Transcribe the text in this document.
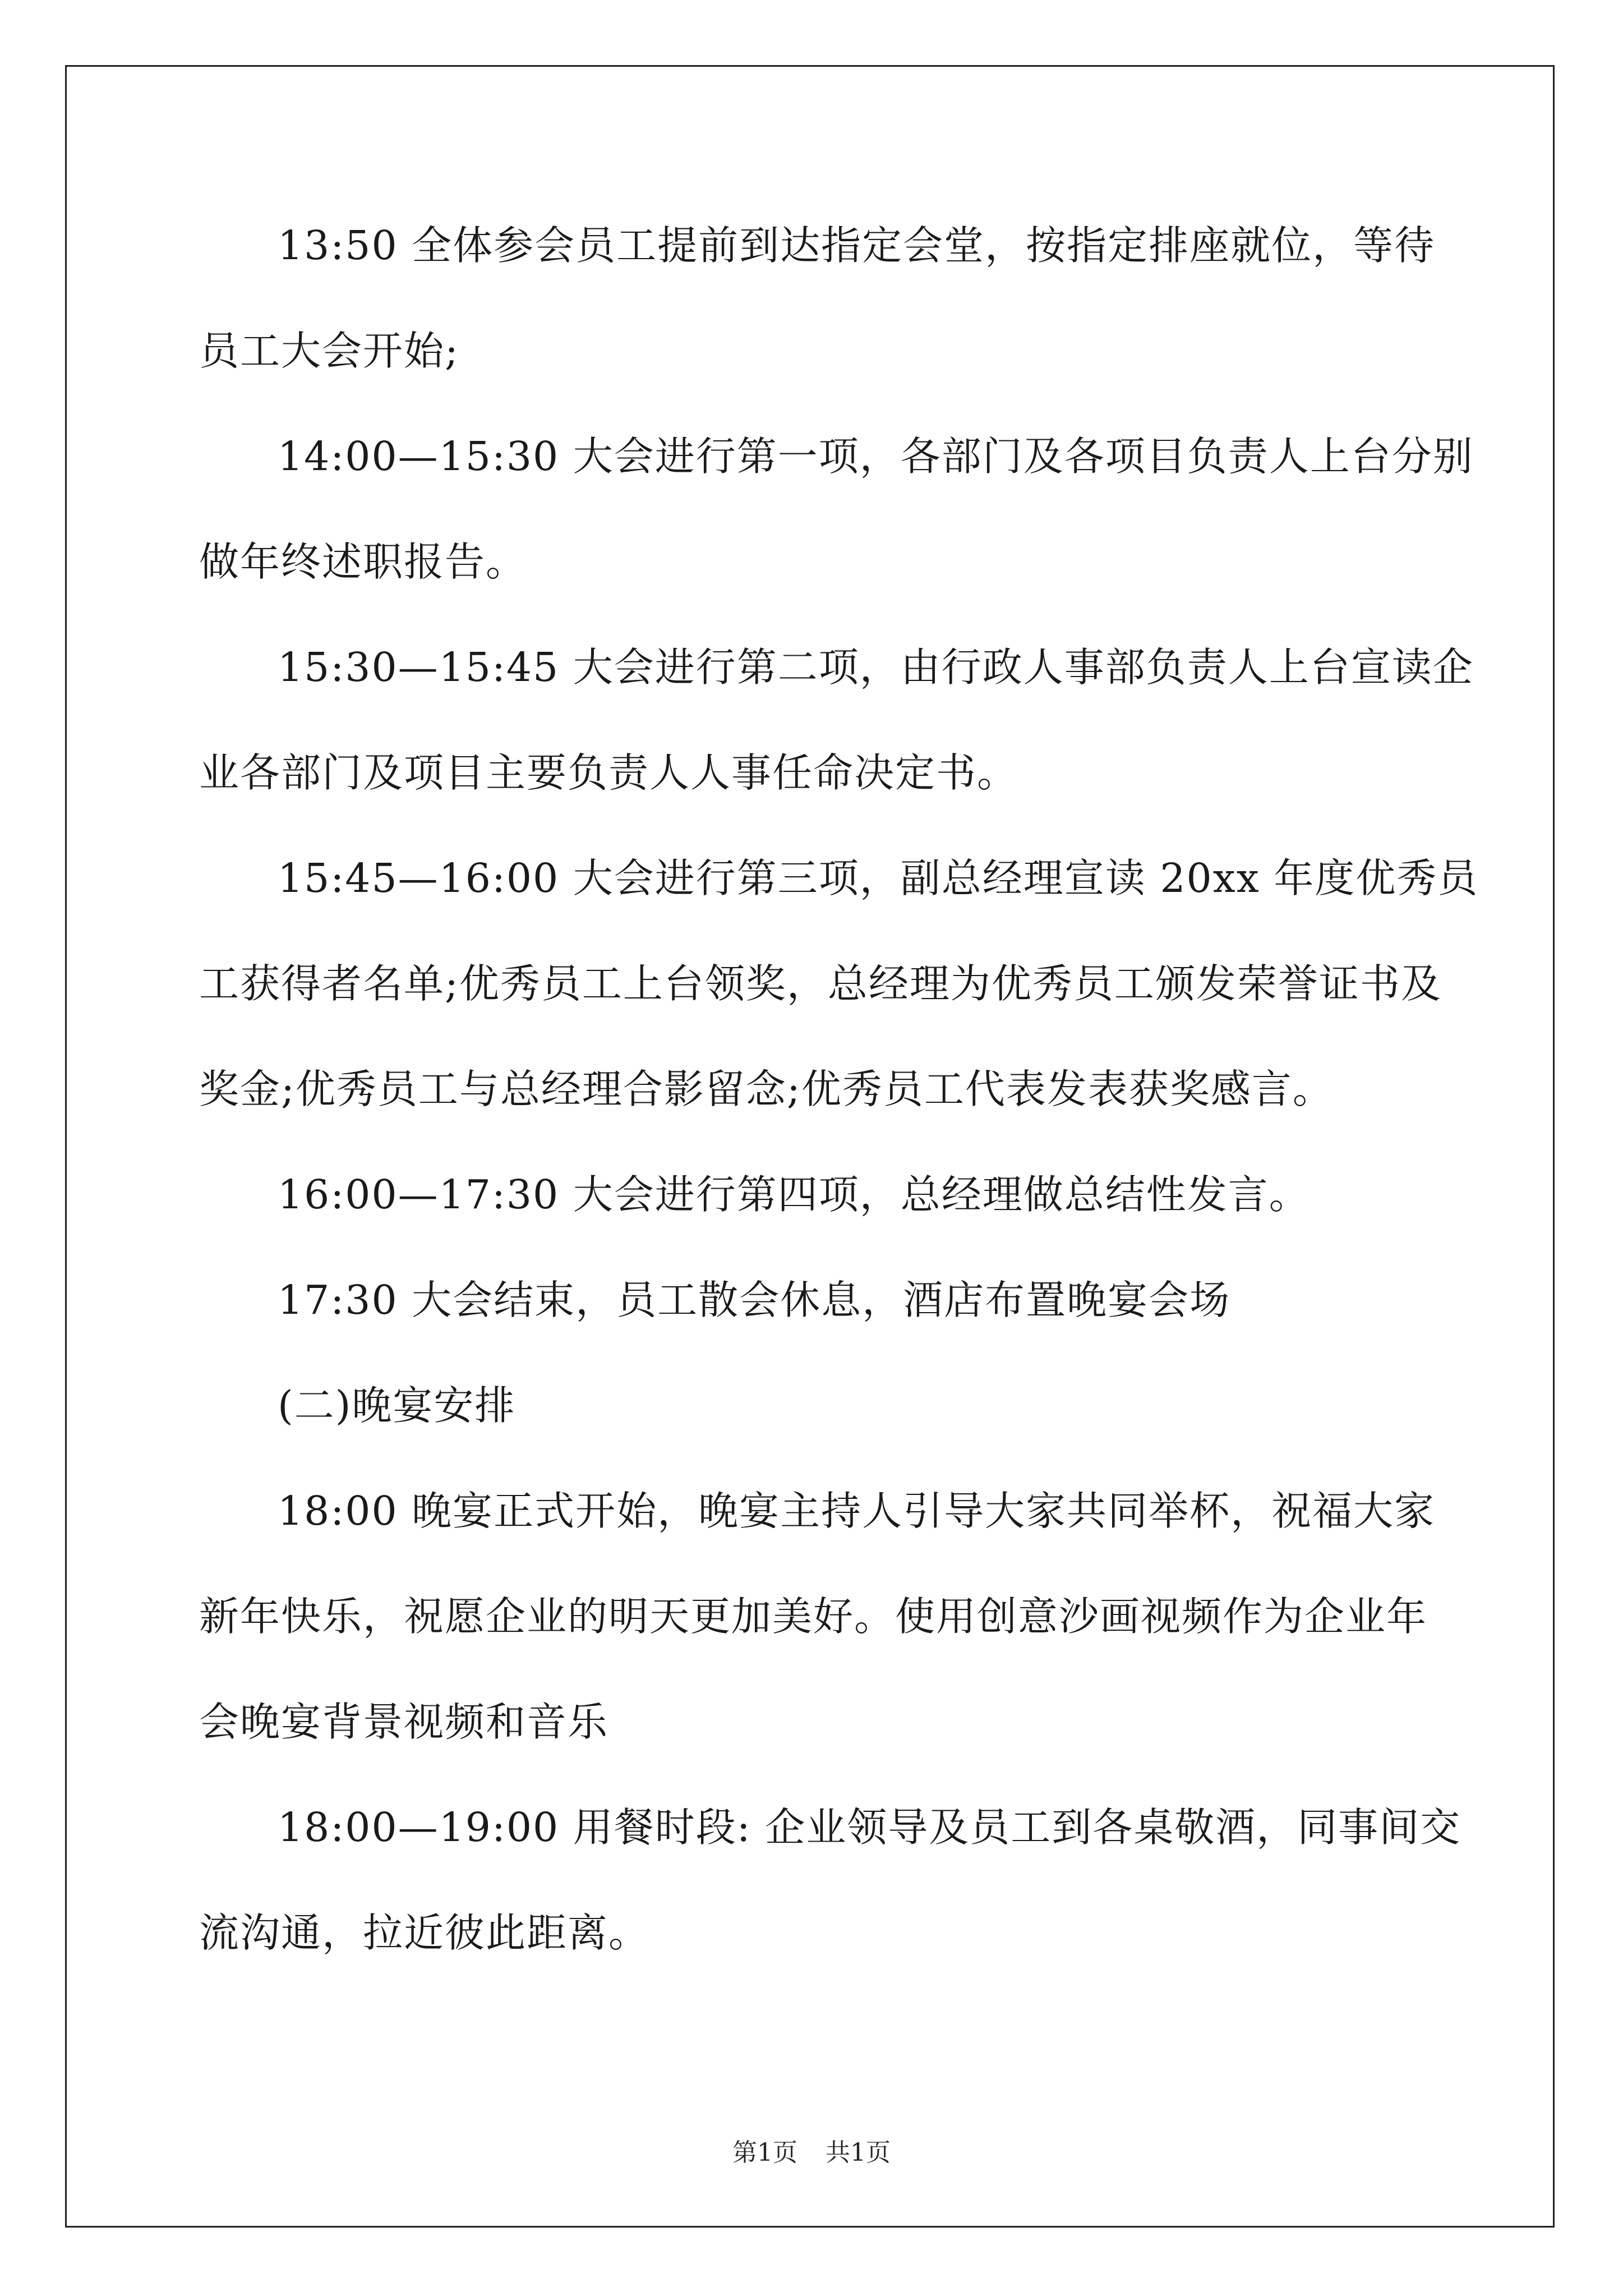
13:50 全体参会员工提前到达指定会堂，按指定排座就位，等待
员工大会开始;
14:00—15:30 大会进行第一项，各部门及各项目负责人上台分别
做年终述职报告。
15:30—15:45 大会进行第二项，由行政人事部负责人上台宣读企
业各部门及项目主要负责人人事任命决定书。
15:45—16:00 大会进行第三项，副总经理宣读 20xx 年度优秀员
工获得者名单;优秀员工上台领奖，总经理为优秀员工颁发荣誉证书及
奖金;优秀员工与总经理合影留念;优秀员工代表发表获奖感言。
16:00—17:30 大会进行第四项，总经理做总结性发言。
17:30 大会结束，员工散会休息，酒店布置晚宴会场
(二)晚宴安排
18:00 晚宴正式开始，晚宴主持人引导大家共同举杯，祝福大家
新年快乐，祝愿企业的明天更加美好。使用创意沙画视频作为企业年
会晚宴背景视频和音乐
18:00—19:00 用餐时段: 企业领导及员工到各桌敬酒，同事间交
流沟通，拉近彼此距离。
第1页 共1页
